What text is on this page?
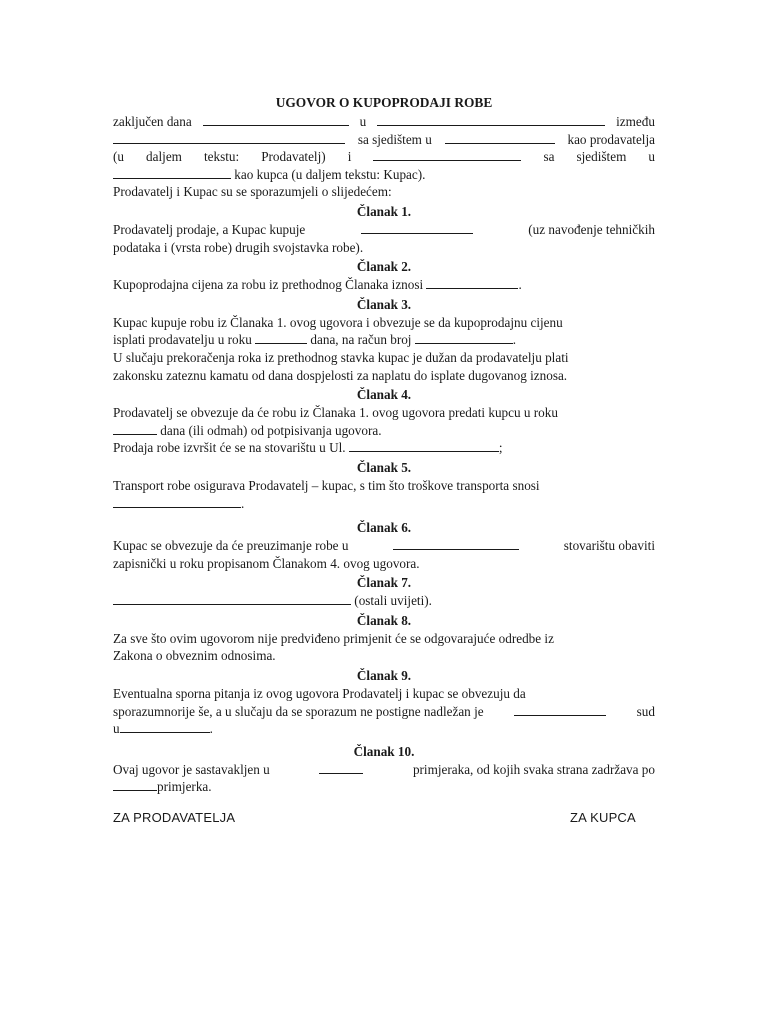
UGOVOR O KUPOPRODAJI ROBE
zaključen dana	u	između
sa sjedištem u	kao prodavatelja
(u daljem tekstu: Prodavatelj) i	sa sjedištem u
kao kupca (u daljem tekstu: Kupac).
Prodavatelj i Kupac su se sporazumjeli o slijedećem:
Članak 1.
Prodavatelj prodaje, a Kupac kupuje	(uz navođenje tehničkih
podataka i (vrsta robe) drugih svojstavka robe).
Članak 2.
Kupoprodajna cijena za robu iz prethodnog Članaka iznosi	.
Članak 3.
Kupac kupuje robu iz Članaka 1. ovog ugovora i obvezuje se da kupoprodajnu cijenu
isplati prodavatelju u roku	dana, na račun broj	.
U slučaju prekoračenja roka iz prethodnog stavka kupac je dužan da prodavatelju plati
zakonsku zateznu kamatu od dana dospjelosti za naplatu do isplate dugovanog iznosa.
Članak 4.
Prodavatelj se obvezuje da će robu iz Članaka 1. ovog ugovora predati kupcu u roku
dana (ili odmah) od potpisivanja ugovora.
Prodaja robe izvršit će se na stovarištu u Ul.	;
Članak 5.
Transport robe osigurava Prodavatelj – kupac, s tim što troškove transporta snosi
.
Članak 6.
Kupac se obvezuje da će preuzimanje robe u	stovarištu obaviti
zapisnički u roku propisanom Članakom 4. ovog ugovora.
Članak 7.
(ostali uvijeti).
Članak 8.
Za sve što ovim ugovorom nije predviđeno primjenit će se odgovarajuće odredbe iz
Zakona o obveznim odnosima.
Članak 9.
Eventualna sporna pitanja iz ovog ugovora Prodavatelj i kupac se obvezuju da
sporazumnorije še, a u slučaju da se sporazum ne postigne nadležan je	sud
u	.
Članak 10.
Ovaj ugovor je sastavakljen u	primjeraka, od kojih svaka strana zadržava po
primjerka.
ZA PRODAVATELJA	ZA KUPCA
